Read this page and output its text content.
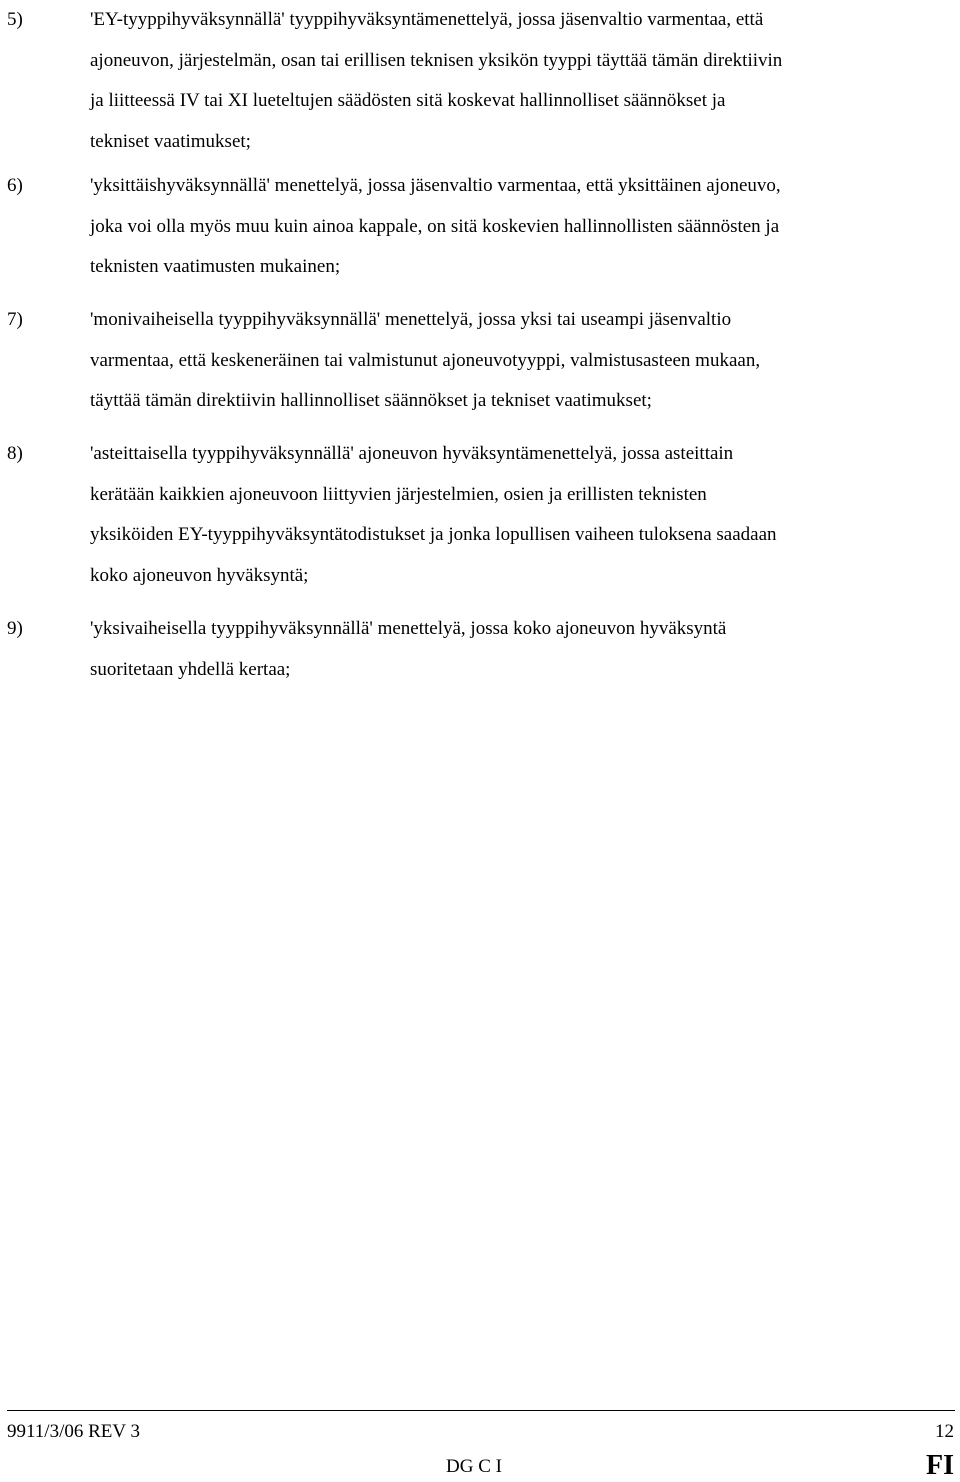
5)	'EY-tyyppihyväksynnällä' tyyppihyväksyntämenettelyä, jossa jäsenvaltio varmentaa, että
ajoneuvon, järjestelmän, osan tai erillisen teknisen yksikön tyyppi täyttää tämän direktiivin
ja liitteessä IV tai XI lueteltujen säädösten sitä koskevat hallinnolliset säännökset ja
tekniset vaatimukset;
6)	'yksittäishyväksynnällä' menettelyä, jossa jäsenvaltio varmentaa, että yksittäinen ajoneuvo,
joka voi olla myös muu kuin ainoa kappale, on sitä koskevien hallinnollisten säännösten ja
teknisten vaatimusten mukainen;
7)	'monivaiheisella tyyppihyväksynnällä' menettelyä, jossa yksi tai useampi jäsenvaltio
varmentaa, että keskeneräinen tai valmistunut ajoneuvotyyppi, valmistusasteen mukaan,
täyttää tämän direktiivin hallinnolliset säännökset ja tekniset vaatimukset;
8)	'asteittaisella tyyppihyväksynnällä' ajoneuvon hyväksyntämenettelyä, jossa asteittain
kerätään kaikkien ajoneuvoon liittyvien järjestelmien, osien ja erillisten teknisten
yksiköiden EY-tyyppihyväksyntätodistukset ja jonka lopullisen vaiheen tuloksena saadaan
koko ajoneuvon hyväksyntä;
9)	'yksivaiheisella tyyppihyväksynnällä' menettelyä, jossa koko ajoneuvon hyväksyntä
suoritetaan yhdellä kertaa;
9911/3/06 REV 3	12
DG C I	FI
